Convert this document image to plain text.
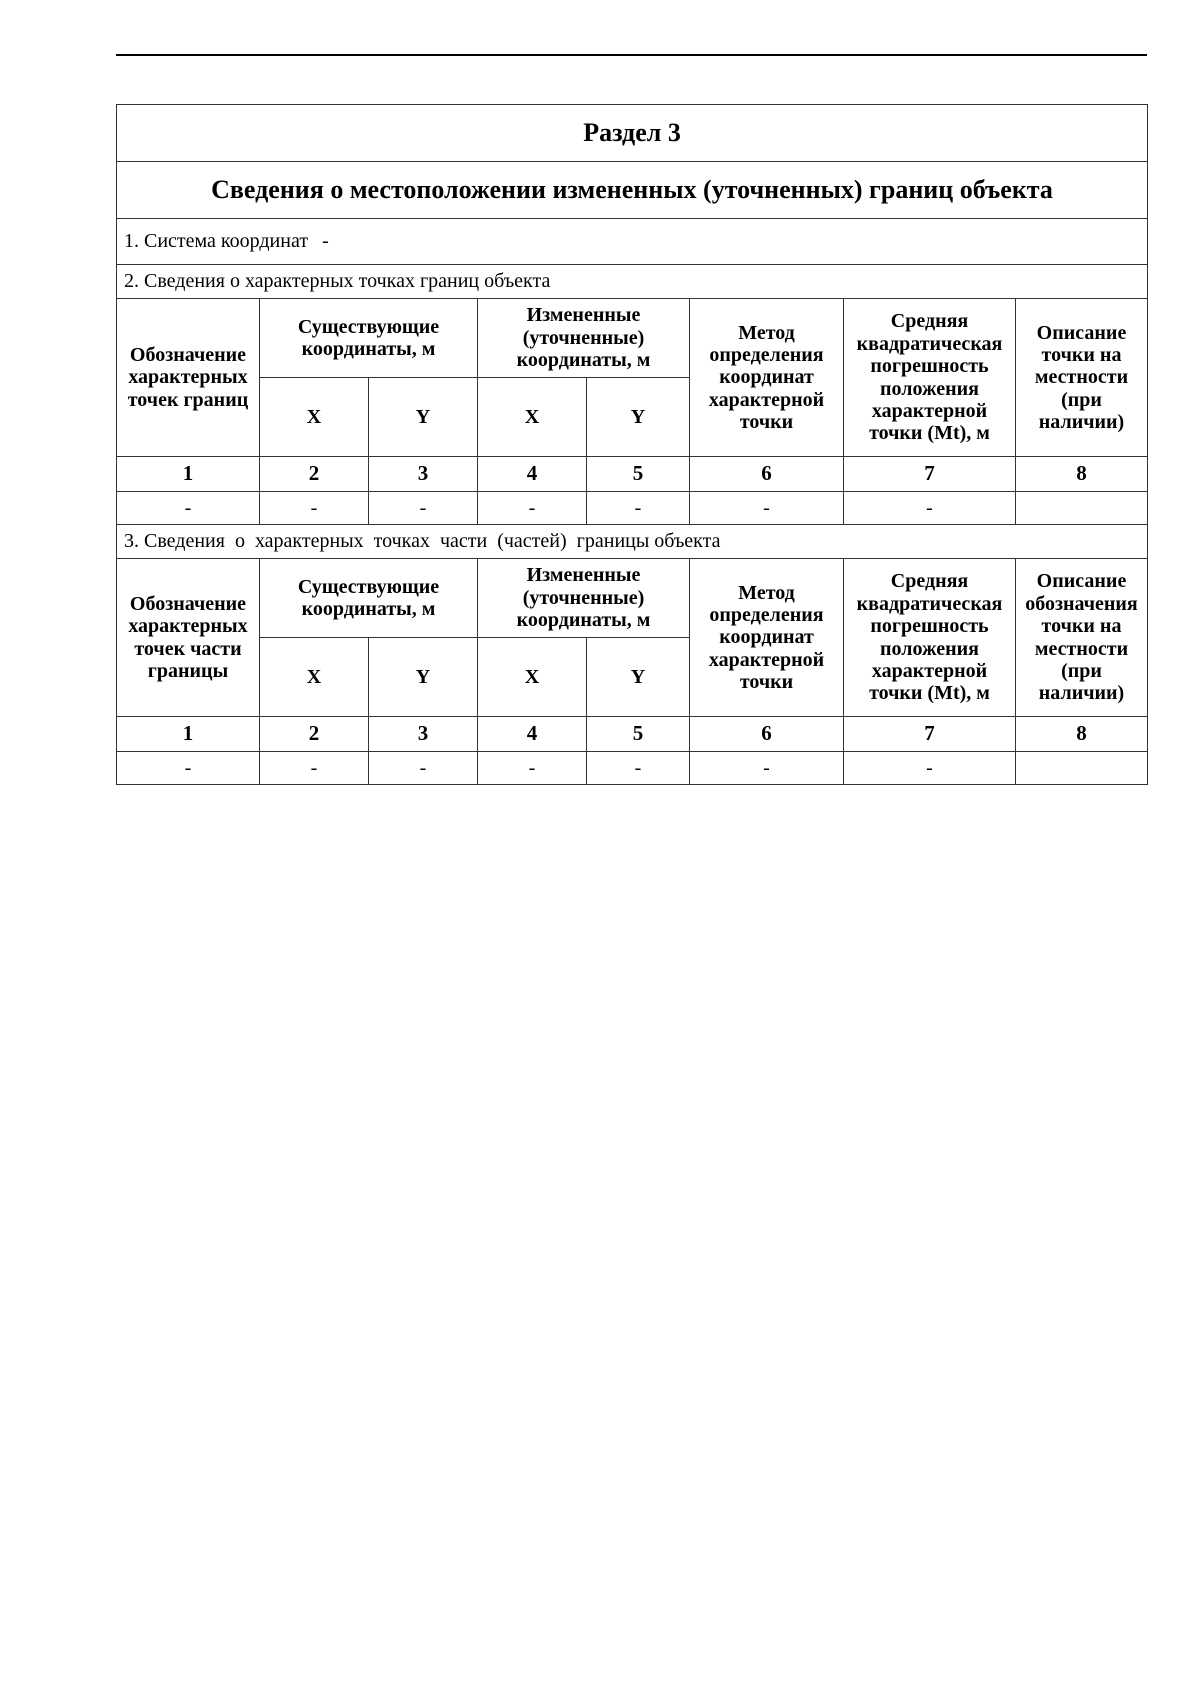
Раздел 3							
Сведения о местоположении измененных (уточненных) границ объекта							
1. Система координат -							
2. Сведения о характерных точках границ объекта							
Обозначение характерных точек границ	Существующие координаты, м		Измененные (уточненные) координаты, м		Метод определения координат характерной точки	Средняя квадратическая погрешность положения характерной точки (Mt), м	Описание точки на местности (при наличии)
	X	Y	X	Y			
1	2	3	4	5	6	7	8
-	-	-	-	-	-	-	
3. Сведения  о  характерных  точках  части  (частей)  границы объекта							
Обозначение характерных точек части границы	Существующие координаты, м		Измененные (уточненные) координаты, м		Метод определения координат характерной точки	Средняя квадратическая погрешность положения характерной точки (Mt), м	Описание обозначения точки на местности (при наличии)
	X	Y	X	Y			
1	2	3	4	5	6	7	8
-	-	-	-	-	-	-	
